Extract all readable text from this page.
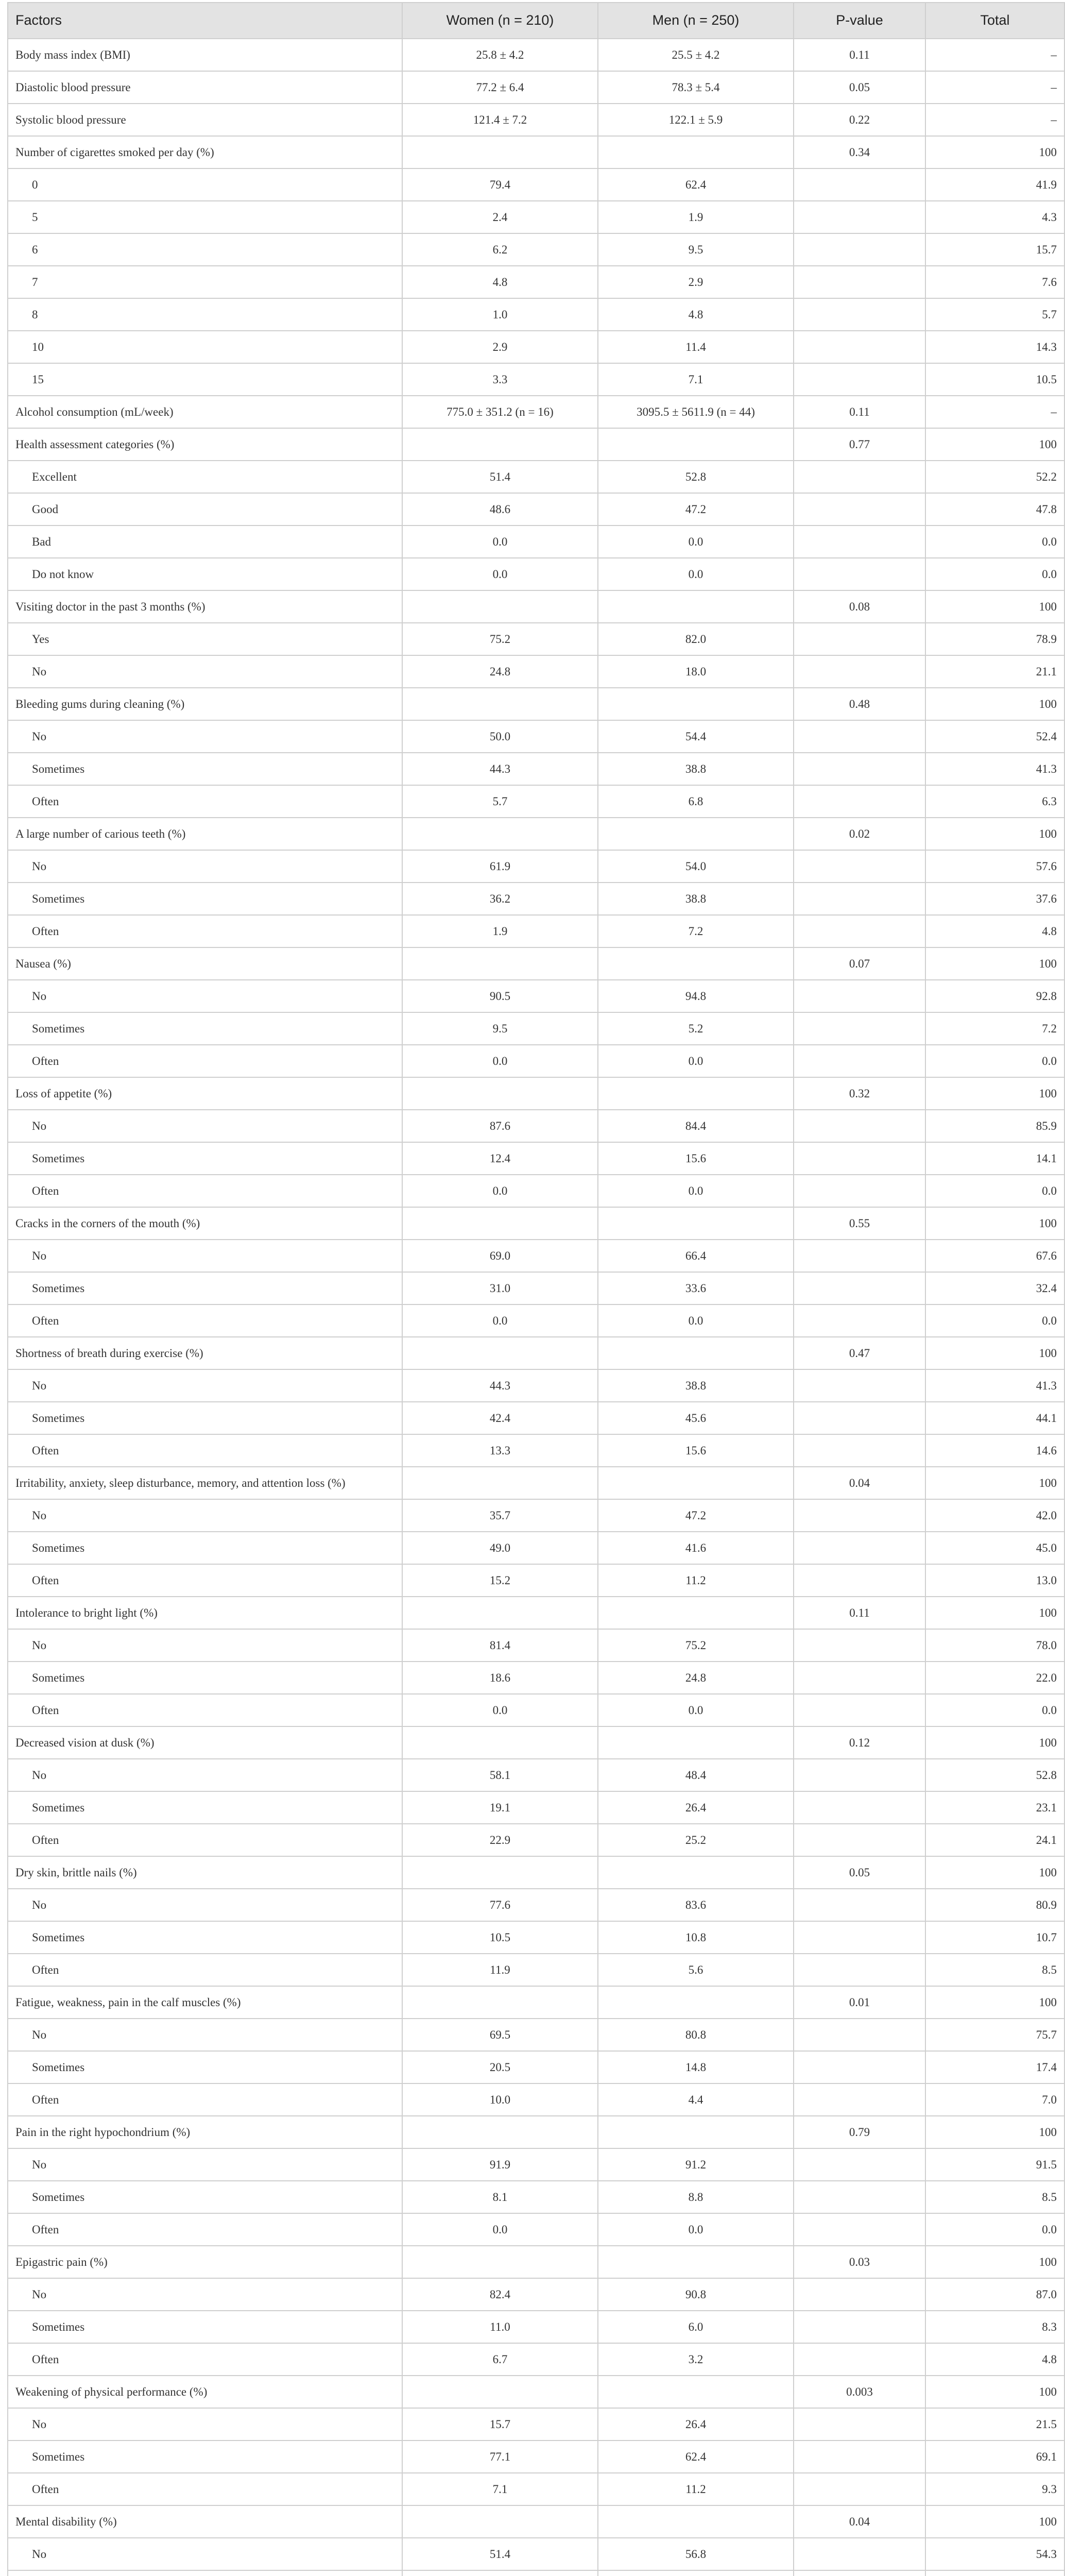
Factors	Women (n = 210)	Men (n = 250)	P-value	Total
Body mass index (BMI)	25.8 ± 4.2	25.5 ± 4.2	0.11	–
Diastolic blood pressure	77.2 ± 6.4	78.3 ± 5.4	0.05	–
Systolic blood pressure	121.4 ± 7.2	122.1 ± 5.9	0.22	–
Number of cigarettes smoked per day (%)			0.34	100
0	79.4	62.4		41.9
5	2.4	1.9		4.3
6	6.2	9.5		15.7
7	4.8	2.9		7.6
8	1.0	4.8		5.7
10	2.9	11.4		14.3
15	3.3	7.1		10.5
Alcohol consumption (mL/week)	775.0 ± 351.2 (n = 16)	3095.5 ± 5611.9 (n = 44)	0.11	–
Health assessment categories (%)			0.77	100
Excellent	51.4	52.8		52.2
Good	48.6	47.2		47.8
Bad	0.0	0.0		0.0
Do not know	0.0	0.0		0.0
Visiting doctor in the past 3 months (%)			0.08	100
Yes	75.2	82.0		78.9
No	24.8	18.0		21.1
Bleeding gums during cleaning (%)			0.48	100
No	50.0	54.4		52.4
Sometimes	44.3	38.8		41.3
Often	5.7	6.8		6.3
A large number of carious teeth (%)			0.02	100
No	61.9	54.0		57.6
Sometimes	36.2	38.8		37.6
Often	1.9	7.2		4.8
Nausea (%)			0.07	100
No	90.5	94.8		92.8
Sometimes	9.5	5.2		7.2
Often	0.0	0.0		0.0
Loss of appetite (%)			0.32	100
No	87.6	84.4		85.9
Sometimes	12.4	15.6		14.1
Often	0.0	0.0		0.0
Cracks in the corners of the mouth (%)			0.55	100
No	69.0	66.4		67.6
Sometimes	31.0	33.6		32.4
Often	0.0	0.0		0.0
Shortness of breath during exercise (%)			0.47	100
No	44.3	38.8		41.3
Sometimes	42.4	45.6		44.1
Often	13.3	15.6		14.6
Irritability, anxiety, sleep disturbance, memory, and attention loss (%)			0.04	100
No	35.7	47.2		42.0
Sometimes	49.0	41.6		45.0
Often	15.2	11.2		13.0
Intolerance to bright light (%)			0.11	100
No	81.4	75.2		78.0
Sometimes	18.6	24.8		22.0
Often	0.0	0.0		0.0
Decreased vision at dusk (%)			0.12	100
No	58.1	48.4		52.8
Sometimes	19.1	26.4		23.1
Often	22.9	25.2		24.1
Dry skin, brittle nails (%)			0.05	100
No	77.6	83.6		80.9
Sometimes	10.5	10.8		10.7
Often	11.9	5.6		8.5
Fatigue, weakness, pain in the calf muscles (%)			0.01	100
No	69.5	80.8		75.7
Sometimes	20.5	14.8		17.4
Often	10.0	4.4		7.0
Pain in the right hypochondrium (%)			0.79	100
No	91.9	91.2		91.5
Sometimes	8.1	8.8		8.5
Often	0.0	0.0		0.0
Epigastric pain (%)			0.03	100
No	82.4	90.8		87.0
Sometimes	11.0	6.0		8.3
Often	6.7	3.2		4.8
Weakening of physical performance (%)			0.003	100
No	15.7	26.4		21.5
Sometimes	77.1	62.4		69.1
Often	7.1	11.2		9.3
Mental disability (%)			0.04	100
No	51.4	56.8		54.3
